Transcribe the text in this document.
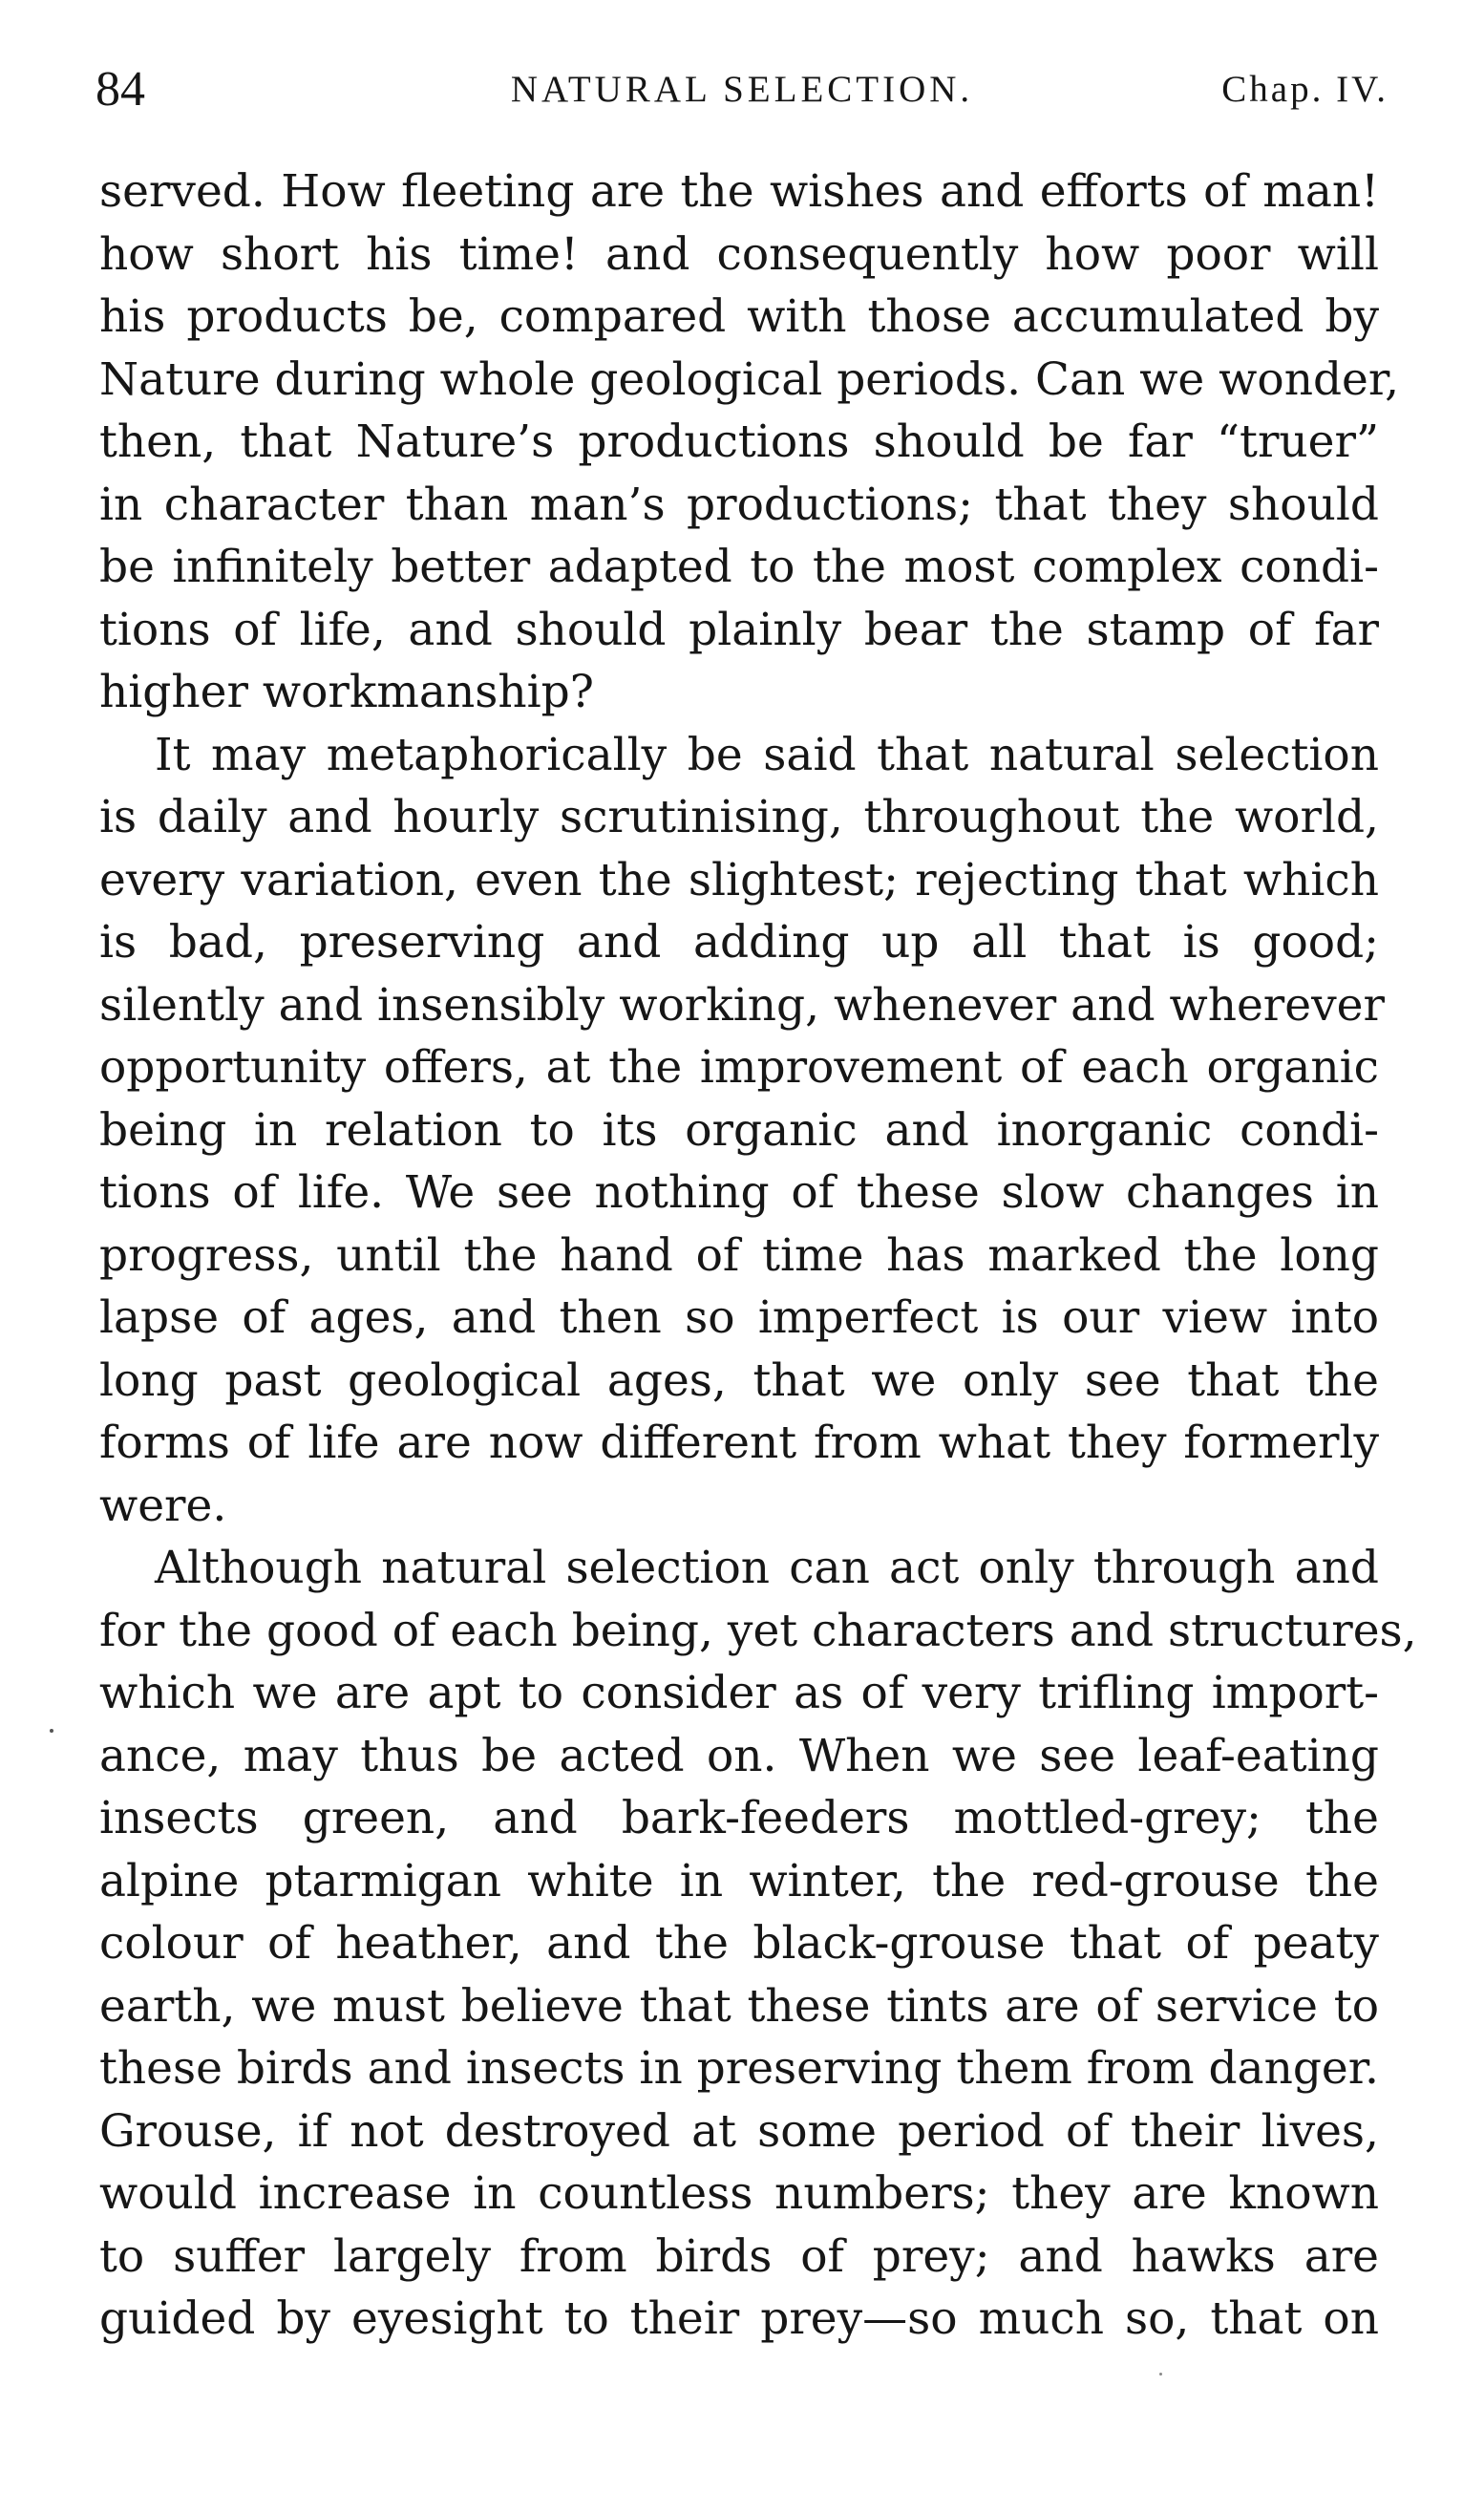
84	NATURAL SELECTION.	Chap. IV.
served. How fleeting are the wishes and efforts of man!
how short his time! and consequently how poor will
his products be, compared with those accumulated by
Nature during whole geological periods. Can we wonder,
then, that Nature’s productions should be far “truer”
in character than man’s productions; that they should
be infinitely better adapted to the most complex condi-
tions of life, and should plainly bear the stamp of far
higher workmanship?
It may metaphorically be said that natural selection
is daily and hourly scrutinising, throughout the world,
every variation, even the slightest; rejecting that which
is bad, preserving and adding up all that is good;
silently and insensibly working, whenever and wherever
opportunity offers, at the improvement of each organic
being in relation to its organic and inorganic condi-
tions of life. We see nothing of these slow changes in
progress, until the hand of time has marked the long
lapse of ages, and then so imperfect is our view into
long past geological ages, that we only see that the
forms of life are now different from what they formerly
were.
Although natural selection can act only through and
for the good of each being, yet characters and structures,
which we are apt to consider as of very trifling import-
ance, may thus be acted on. When we see leaf-eating
insects green, and bark-feeders mottled-grey; the
alpine ptarmigan white in winter, the red-grouse the
colour of heather, and the black-grouse that of peaty
earth, we must believe that these tints are of service to
these birds and insects in preserving them from danger.
Grouse, if not destroyed at some period of their lives,
would increase in countless numbers; they are known
to suffer largely from birds of prey; and hawks are
guided by eyesight to their prey—so much so, that on
